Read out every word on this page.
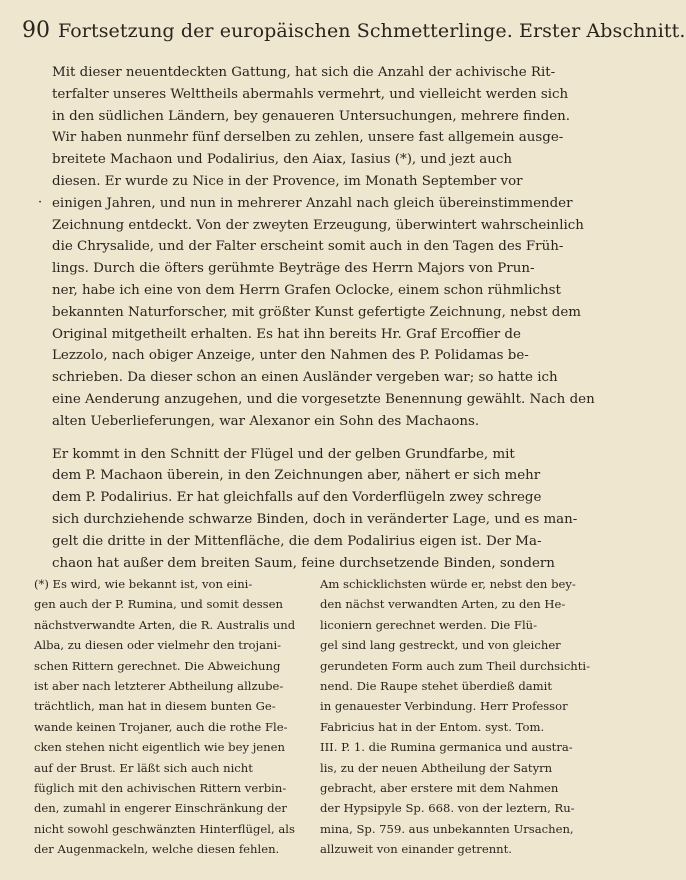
90 Fortsetzung der europäischen Schmetterlinge. Erster Abschnitt.
·
Mit dieser neuentdeckten Gattung, hat sich die Anzahl der achivische Rit-
terfalter unseres Welttheils abermahls vermehrt, und vielleicht werden sich
in den südlichen Ländern, bey genaueren Untersuchungen, mehrere finden.
Wir haben nunmehr fünf derselben zu zehlen, unsere fast allgemein ausge-
breitete Machaon und Podalirius, den Aiax, Iasius (*), und jezt auch
diesen. Er wurde zu Nice in der Provence, im Monath September vor
einigen Jahren, und nun in mehrerer Anzahl nach gleich übereinstimmender
Zeichnung entdeckt. Von der zweyten Erzeugung, überwintert wahrscheinlich
die Chrysalide, und der Falter erscheint somit auch in den Tagen des Früh-
lings. Durch die öfters gerühmte Beyträge des Herrn Majors von Prun-
ner, habe ich eine von dem Herrn Grafen Oclocke, einem schon rühmlichst
bekannten Naturforscher, mit größter Kunst gefertigte Zeichnung, nebst dem
Original mitgetheilt erhalten. Es hat ihn bereits Hr. Graf Ercoffier de
Lezzolo, nach obiger Anzeige, unter den Nahmen des P. Polidamas be-
schrieben. Da dieser schon an einen Ausländer vergeben war; so hatte ich
eine Aenderung anzugehen, und die vorgesetzte Benennung gewählt. Nach den
alten Ueberlieferungen, war Alexanor ein Sohn des Machaons.
Er kommt in den Schnitt der Flügel und der gelben Grundfarbe, mit
dem P. Machaon überein, in den Zeichnungen aber, nähert er sich mehr
dem P. Podalirius. Er hat gleichfalls auf den Vorderflügeln zwey schrege
sich durchziehende schwarze Binden, doch in veränderter Lage, und es man-
gelt die dritte in der Mittenfläche, die dem Podalirius eigen ist. Der Ma-
chaon hat außer dem breiten Saum, feine durchsetzende Binden, sondern
(*) Es wird, wie bekannt ist, von eini-
gen auch der P. Rumina, und somit dessen
nächstverwandte Arten, die R. Australis und
Alba, zu diesen oder vielmehr den trojani-
schen Rittern gerechnet. Die Abweichung
ist aber nach letzterer Abtheilung allzube-
trächtlich, man hat in diesem bunten Ge-
wande keinen Trojaner, auch die rothe Fle-
cken stehen nicht eigentlich wie bey jenen
auf der Brust. Er läßt sich auch nicht
füglich mit den achivischen Rittern verbin-
den, zumahl in engerer Einschränkung der
nicht sowohl geschwänzten Hinterflügel, als
der Augenmackeln, welche diesen fehlen.
Am schicklichsten würde er, nebst den bey-
den nächst verwandten Arten, zu den He-
liconiern gerechnet werden. Die Flü-
gel sind lang gestreckt, und von gleicher
gerundeten Form auch zum Theil durchsichti-
nend. Die Raupe stehet überdieß damit
in genauester Verbindung. Herr Professor
Fabricius hat in der Entom. syst. Tom.
III. P. 1. die Rumina germanica und austra-
lis, zu der neuen Abtheilung der Satyrn
gebracht, aber erstere mit dem Nahmen
der Hypsipyle Sp. 668. von der leztern, Ru-
mina, Sp. 759. aus unbekannten Ursachen,
allzuweit von einander getrennt.
